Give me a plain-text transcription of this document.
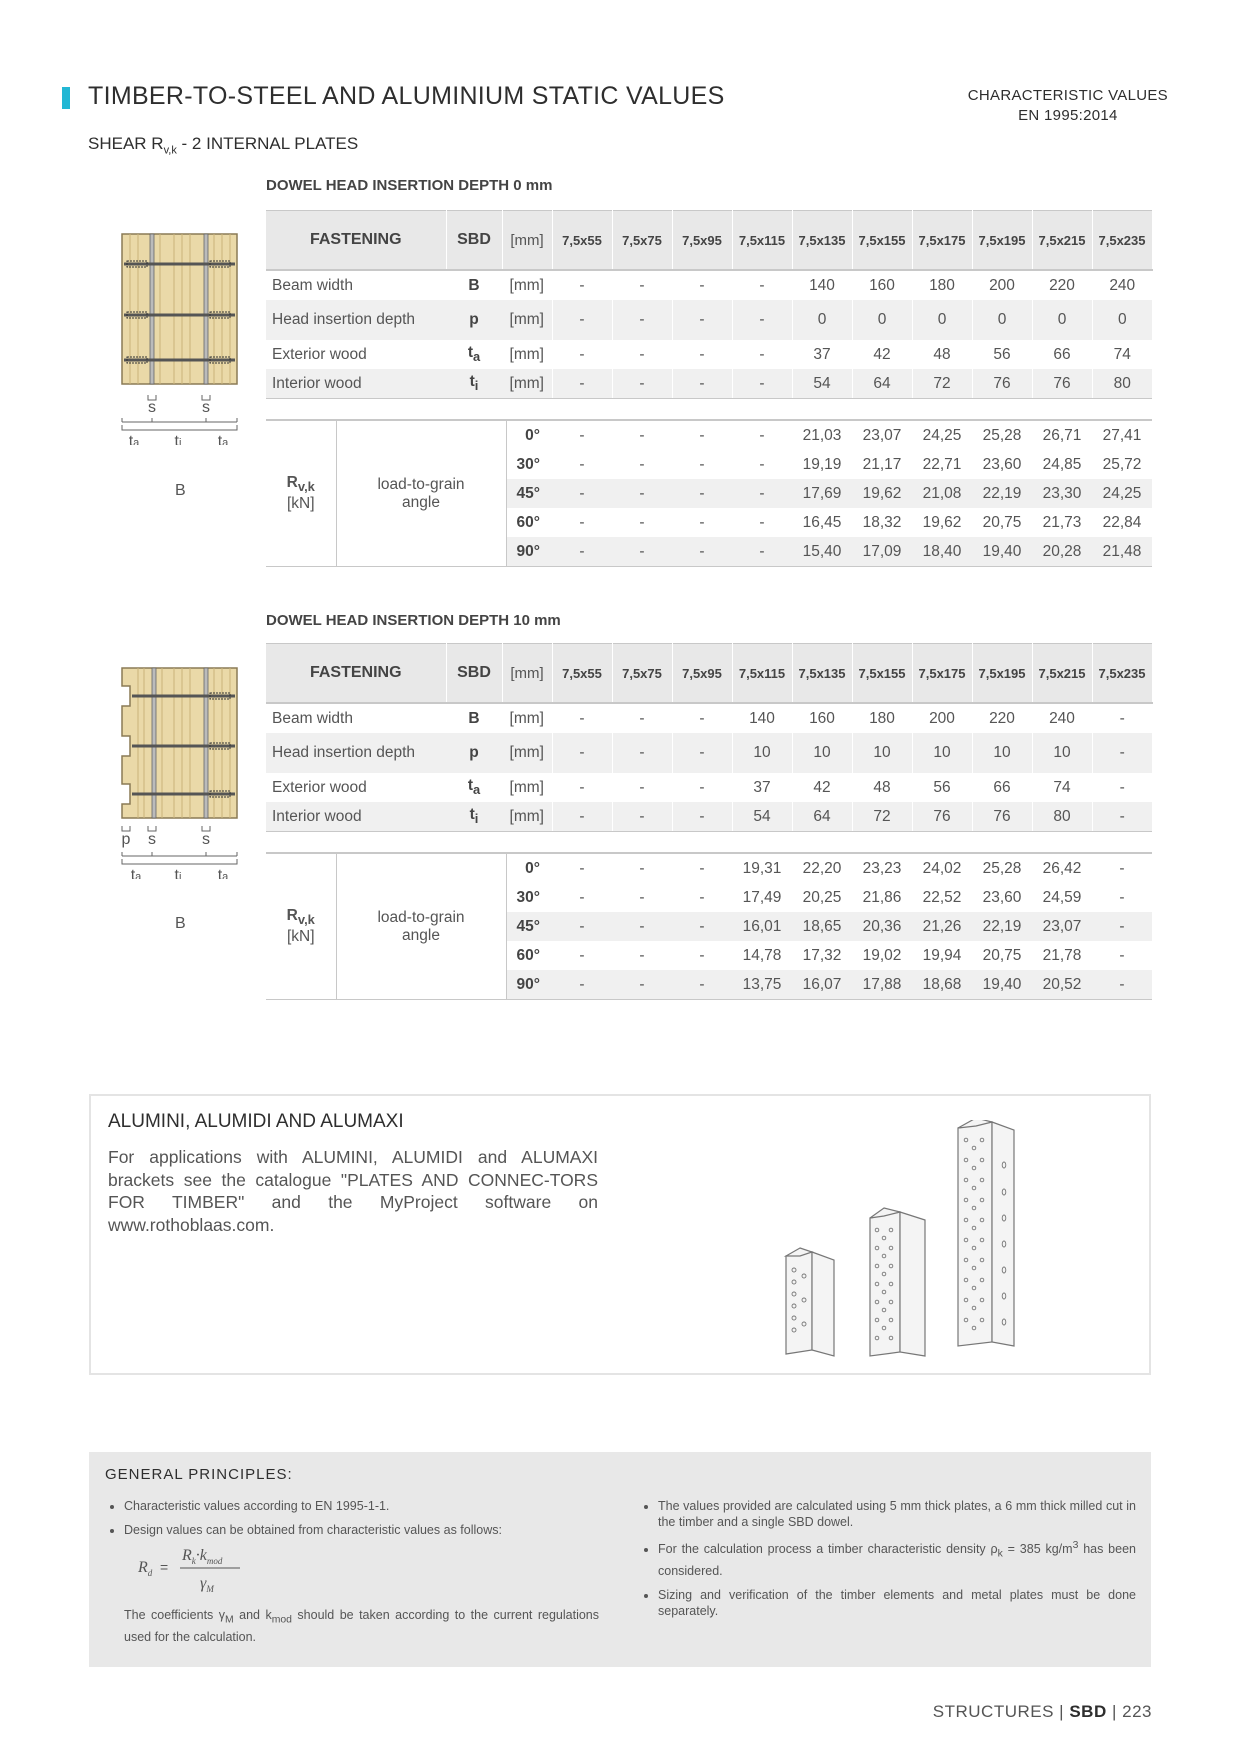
TIMBER-TO-STEEL AND ALUMINIUM STATIC VALUES	CHARACTERISTIC VALUES
EN 1995:2014
SHEAR $R_{v,k} - 2$ INTERNAL PLATES
DOWEL HEAD INSERTION DEPTH 0 mm
s	s
ta ti ta
B
FASTENING	SBD	[mm]	7,5x55	7,5x75	7,5x95	7,5x115	7,5x135	7,5x155	7,5x175	7,5x195	7,5x215	7,5x235
Beam width	B	[mm]	-	-	-	-	140	160	180	200	220	240
Head insertion depth	p	[mm]	-	-	-	-	0	0	0	0	0	0
Exterior wood	$t_a$	[mm]	-	-	-	-	37	42	48	56	66	74
Interior wood	$t_i$	[mm]	-	-	-	-	54	64	72	76	76	80
$R_{v,k}$
[kN]	load-to-grain angle	0°	-	-	-	-	21,03	23,07	24,25	25,28	26,71	27,41
		30°	-	-	-	-	19,19	21,17	22,71	23,60	24,85	25,72
		45°	-	-	-	-	17,69	19,62	21,08	22,19	23,30	24,25
		60°	-	-	-	-	16,45	18,32	19,62	20,75	21,73	22,84
		90°	-	-	-	-	15,40	17,09	18,40	19,40	20,28	21,48
DOWEL HEAD INSERTION DEPTH 10 mm
p s	s
ta ti ta
B
FASTENING	SBD	[mm]	7,5x55	7,5x75	7,5x95	7,5x115	7,5x135	7,5x155	7,5x175	7,5x195	7,5x215	7,5x235
Beam width	B	[mm]	-	-	-	140	160	180	200	220	240	-
Head insertion depth	p	[mm]	-	-	-	10	10	10	10	10	10	-
Exterior wood	$t_a$	[mm]	-	-	-	37	42	48	56	66	74	-
Interior wood	$t_i$	[mm]	-	-	-	54	64	72	76	76	80	-
$R_{v,k}$
[kN]	load-to-grain angle	0°	-	-	-	19,31	22,20	23,23	24,02	25,28	26,42	-
		30°	-	-	-	17,49	20,25	21,86	22,52	23,60	24,59	-
		45°	-	-	-	16,01	18,65	20,36	21,26	22,19	23,07	-
		60°	-	-	-	14,78	17,32	19,02	19,94	20,75	21,78	-
		90°	-	-	-	13,75	16,07	17,88	18,68	19,40	20,52	-
ALUMINI, ALUMIDI AND ALUMAXI
For applications with ALUMINI, ALUMIDI and ALUMAXI brackets see the catalogue "PLATES AND CONNEC-TORS FOR TIMBER" and the MyProject software on www.rothoblaas.com.
GENERAL PRINCIPLES:
• Characteristic values according to EN 1995-1-1.
• Design values can be obtained from characteristic values as follows:
$R_d$ =
$R_k\cdot k_{mod}$
$\gamma_M$
The coefficients $\gamma_M$ and $k_{mod}$ should be taken according to the current regulations used for the calculation.
• The values provided are calculated using 5 mm thick plates, a 6 mm thick milled cut in the timber and a single SBD dowel.
• For the calculation process a timber characteristic density $\rho_k = 385$ $kg/m^3$ has been considered.
• Sizing and verification of the timber elements and metal plates must be done separately.
STRUCTURES | SBD | 223
